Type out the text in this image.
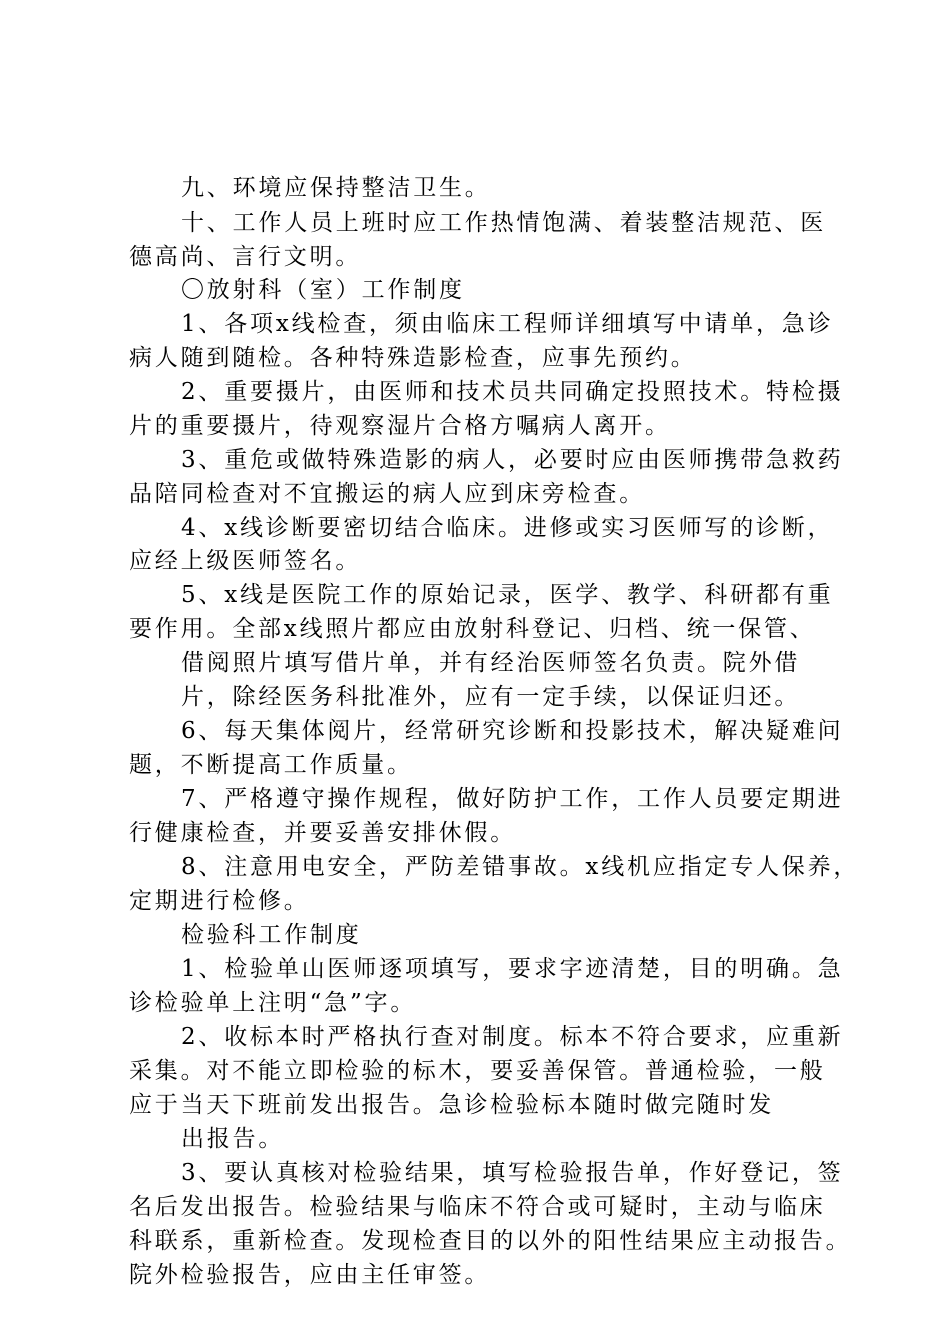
九、环境应保持整洁卫生。
十、工作人员上班时应工作热情饱满、着装整洁规范、医
德高尚、言行文明。
〇放射科（室）工作制度
1、各项x线检查，须由临床工程师详细填写中请单，急诊
病人随到随检。各种特殊造影检查，应事先预约。
2、重要摄片，由医师和技术员共同确定投照技术。特检摄
片的重要摄片，待观察湿片合格方嘱病人离开。
3、重危或做特殊造影的病人，必要时应由医师携带急救药
品陪同检查对不宜搬运的病人应到床旁检查。
4、x线诊断要密切结合临床。进修或实习医师写的诊断，
应经上级医师签名。
5、x线是医院工作的原始记录，医学、教学、科研都有重
要作用。全部x线照片都应由放射科登记、归档、统一保管、
借阅照片填写借片单，并有经治医师签名负责。院外借
片，除经医务科批准外，应有一定手续，以保证归还。
6、每天集体阅片，经常研究诊断和投影技术，解决疑难问
题，不断提高工作质量。
7、严格遵守操作规程，做好防护工作，工作人员要定期进
行健康检查，并要妥善安排休假。
8、注意用电安全，严防差错事故。x线机应指定专人保养，
定期进行检修。
检验科工作制度
1、检验单山医师逐项填写，要求字迹清楚，目的明确。急
诊检验单上注明“急”字。
2、收标本时严格执行查对制度。标本不符合要求，应重新
采集。对不能立即检验的标木，要妥善保管。普通检验，一般
应于当天下班前发出报告。急诊检验标本随时做完随时发
出报告。
3、要认真核对检验结果，填写检验报告单，作好登记，签
名后发出报告。检验结果与临床不符合或可疑时，主动与临床
科联系，重新检查。发现检查目的以外的阳性结果应主动报告。
院外检验报告，应由主任审签。
